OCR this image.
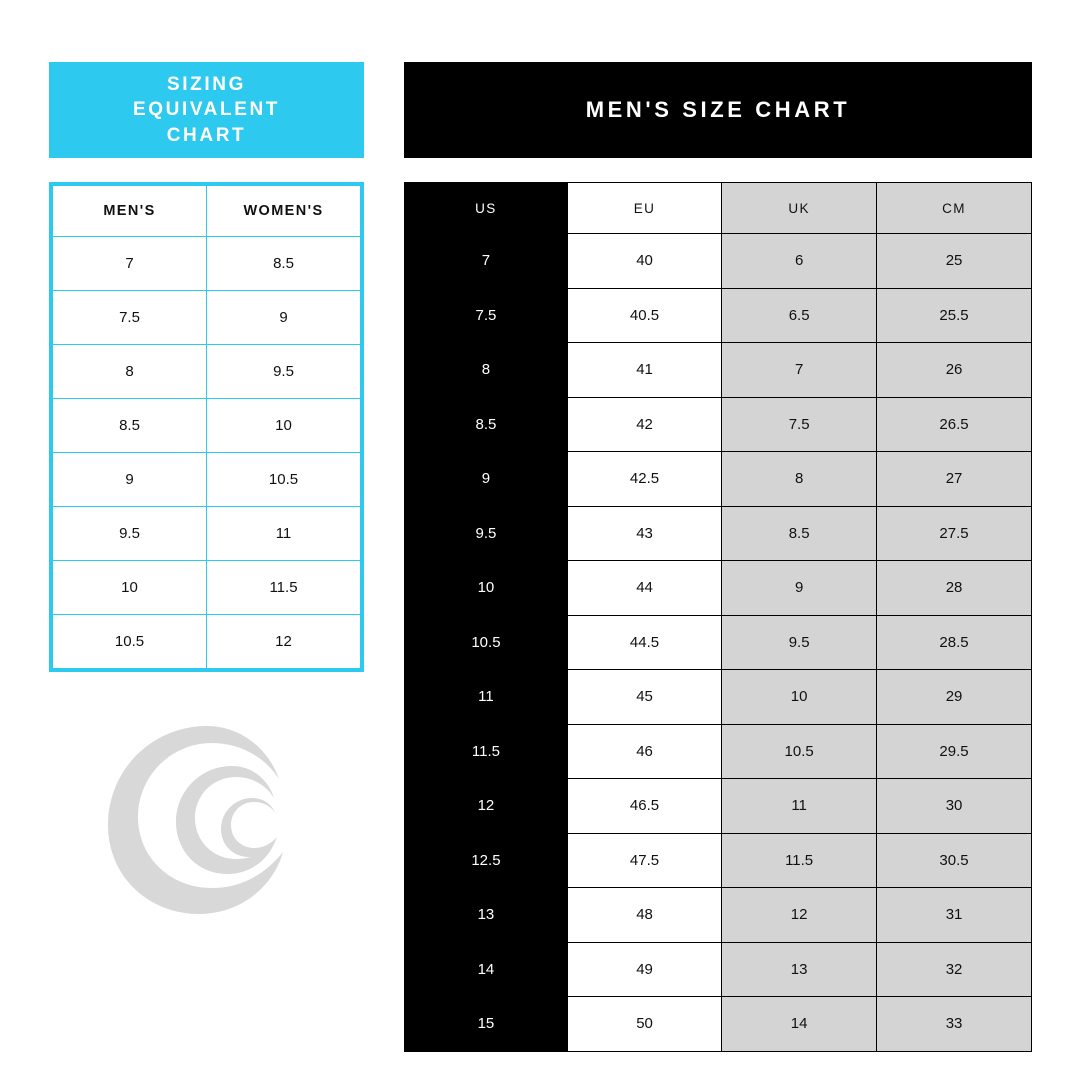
SIZING
EQUIVALENT
CHART
MEN'S	WOMEN'S
7	8.5
7.5	9
8	9.5
8.5	10
9	10.5
9.5	11
10	11.5
10.5	12
MEN'S SIZE CHART
US	EU	UK	CM
7	40	6	25
7.5	40.5	6.5	25.5
8	41	7	26
8.5	42	7.5	26.5
9	42.5	8	27
9.5	43	8.5	27.5
10	44	9	28
10.5	44.5	9.5	28.5
11	45	10	29
11.5	46	10.5	29.5
12	46.5	11	30
12.5	47.5	11.5	30.5
13	48	12	31
14	49	13	32
15	50	14	33
